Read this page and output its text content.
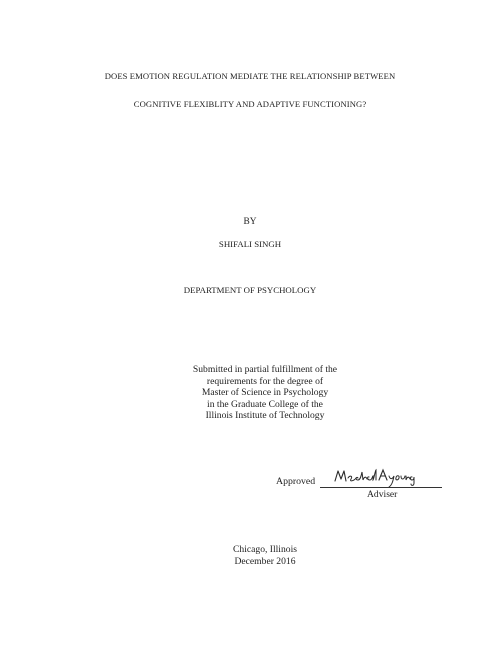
DOES EMOTION REGULATION MEDIATE THE RELATIONSHIP BETWEEN
COGNITIVE FLEXIBLITY AND ADAPTIVE FUNCTIONING?
BY
SHIFALI SINGH
DEPARTMENT OF PSYCHOLOGY
Submitted in partial fulfillment of the
requirements for the degree of
Master of Science in Psychology
in the Graduate College of the
Illinois Institute of Technology
Approved
Adviser
Chicago, Illinois
December 2016
